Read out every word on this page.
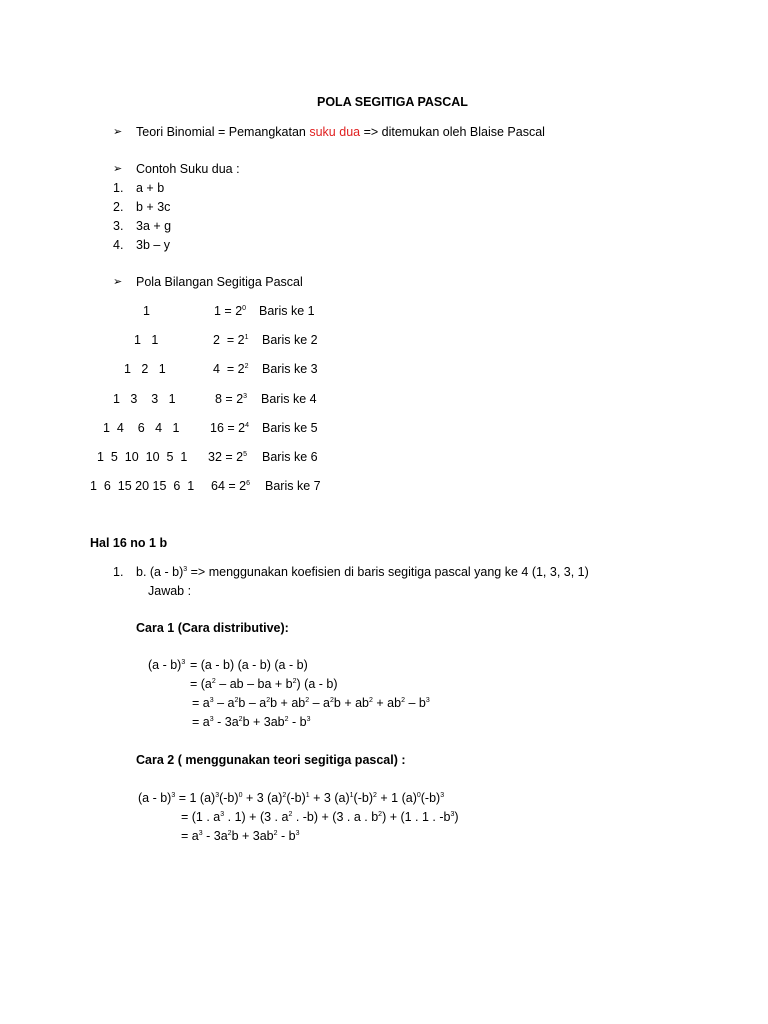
POLA SEGITIGA PASCAL
➢ Teori Binomial = Pemangkatan suku dua => ditemukan oleh Blaise Pascal
➢ Contoh Suku dua :
1. a + b
2. b + 3c
3. 3a + g
4. 3b – y
➢ Pola Bilangan Segitiga Pascal
1	$1 = 2^0$ Baris ke 1
1   1	$2 = 2^1$ Baris ke 2
1   2   1	$4 = 2^2$ Baris ke 3
1   3    3   1	$8 = 2^3$ Baris ke 4
1  4    6   4   1 $16 = 2^4$ Baris ke 5
1  5  10  10  5  1 $32 = 2^5$ Baris ke 6
1  6  15 20 15  6  1 $64 = 2^6$ Baris ke 7
Hal 16 no 1 b
1. b. (a - b)$^3$ => menggunakan koefisien di baris segitiga pascal yang ke 4 (1, 3, 3, 1)
Jawab :
Cara 1 (Cara distributive):
(a - b)$^3$ = (a - b) (a - b) (a - b)
= ($a^2$ – ab – ba + $b^2$) (a - b)
= $a^3 - a^2b - a^2b + ab^2 - a^2b + ab^2 + ab^2 - b^3$
= $a^3 - 3a^2b + 3ab^2 - b^3$
Cara 2 ( menggunakan teori segitiga pascal) :
(a - b)$^3$ = 1 $(a)^3(-b)^0 + 3$ $(a)^2(-b)^1 + 3$ $(a)^1(-b)^2 + 1$ $(a)^0(-b)^3$
= (1 . $a^3$ . 1) + (3 . $a^2$ . -b) + (3 . a . $b^2) + (1$ . 1 . $-b^3$)
= $a^3 - 3a^2b + 3ab^2 - b^3$
